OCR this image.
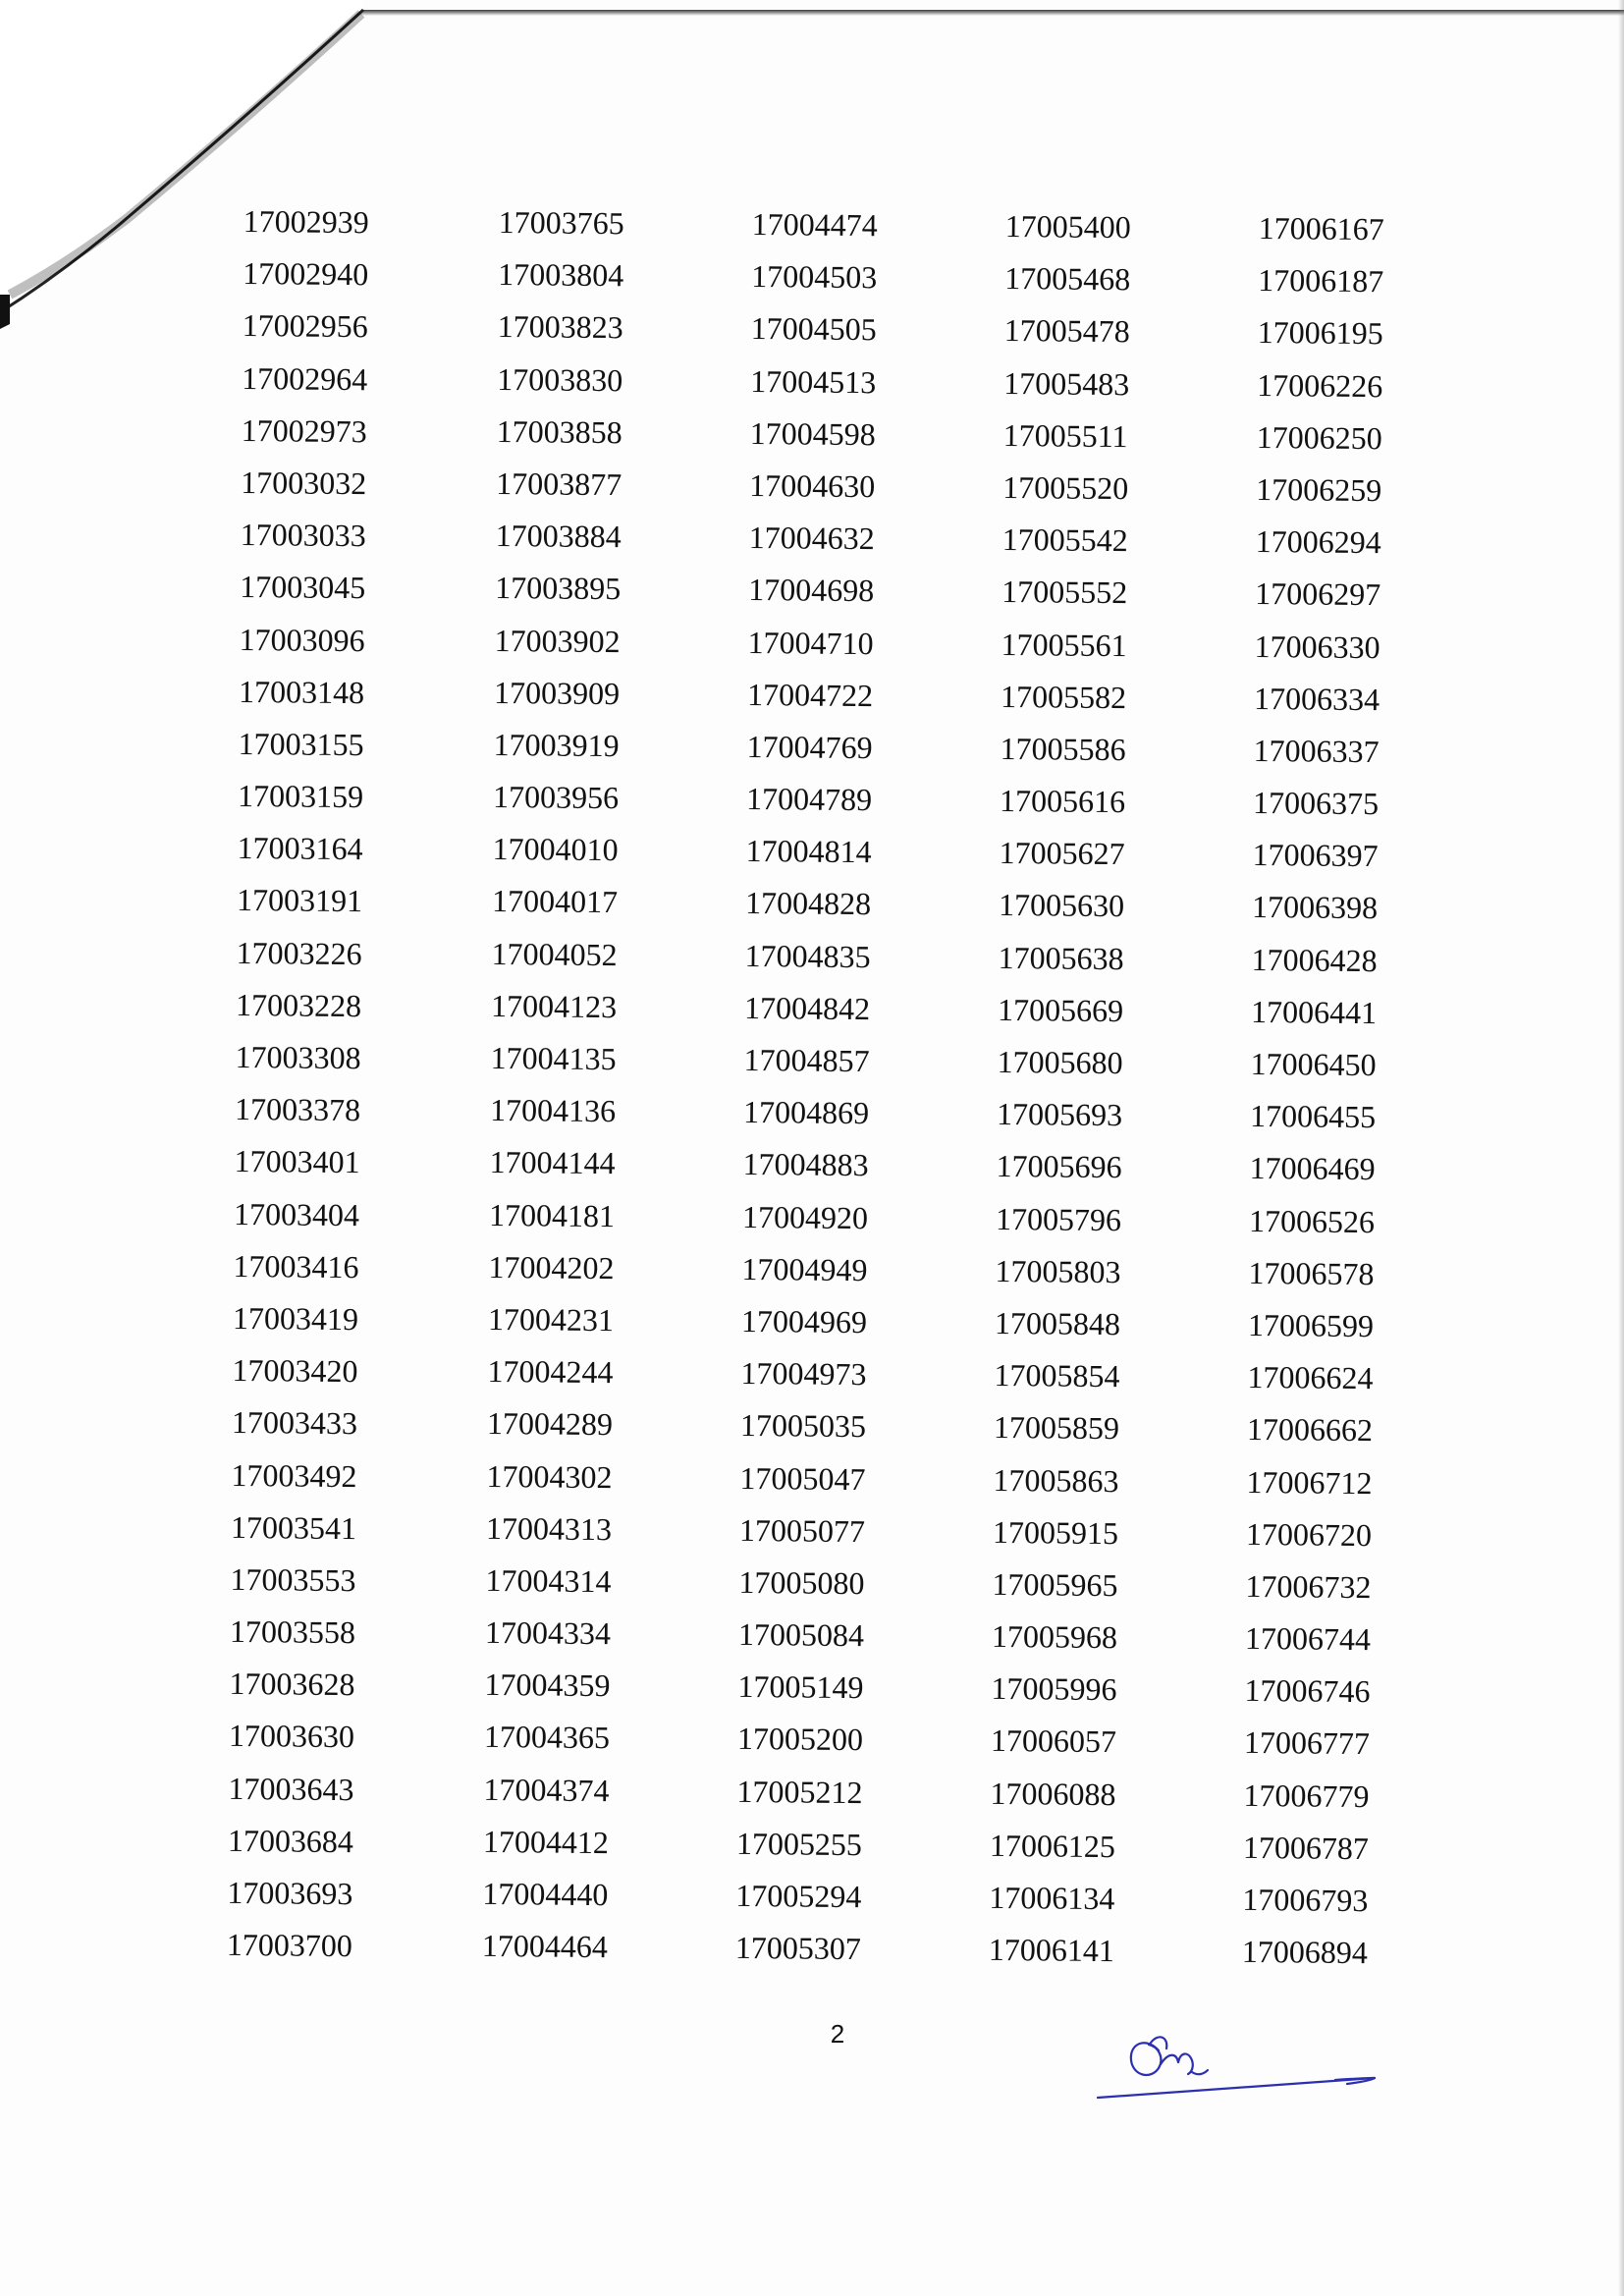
17002939
17002940
17002956
17002964
17002973
17003032
17003033
17003045
17003096
17003148
17003155
17003159
17003164
17003191
17003226
17003228
17003308
17003378
17003401
17003404
17003416
17003419
17003420
17003433
17003492
17003541
17003553
17003558
17003628
17003630
17003643
17003684
17003693
17003700
17003765
17003804
17003823
17003830
17003858
17003877
17003884
17003895
17003902
17003909
17003919
17003956
17004010
17004017
17004052
17004123
17004135
17004136
17004144
17004181
17004202
17004231
17004244
17004289
17004302
17004313
17004314
17004334
17004359
17004365
17004374
17004412
17004440
17004464
17004474
17004503
17004505
17004513
17004598
17004630
17004632
17004698
17004710
17004722
17004769
17004789
17004814
17004828
17004835
17004842
17004857
17004869
17004883
17004920
17004949
17004969
17004973
17005035
17005047
17005077
17005080
17005084
17005149
17005200
17005212
17005255
17005294
17005307
17005400
17005468
17005478
17005483
17005511
17005520
17005542
17005552
17005561
17005582
17005586
17005616
17005627
17005630
17005638
17005669
17005680
17005693
17005696
17005796
17005803
17005848
17005854
17005859
17005863
17005915
17005965
17005968
17005996
17006057
17006088
17006125
17006134
17006141
17006167
17006187
17006195
17006226
17006250
17006259
17006294
17006297
17006330
17006334
17006337
17006375
17006397
17006398
17006428
17006441
17006450
17006455
17006469
17006526
17006578
17006599
17006624
17006662
17006712
17006720
17006732
17006744
17006746
17006777
17006779
17006787
17006793
17006894
2
